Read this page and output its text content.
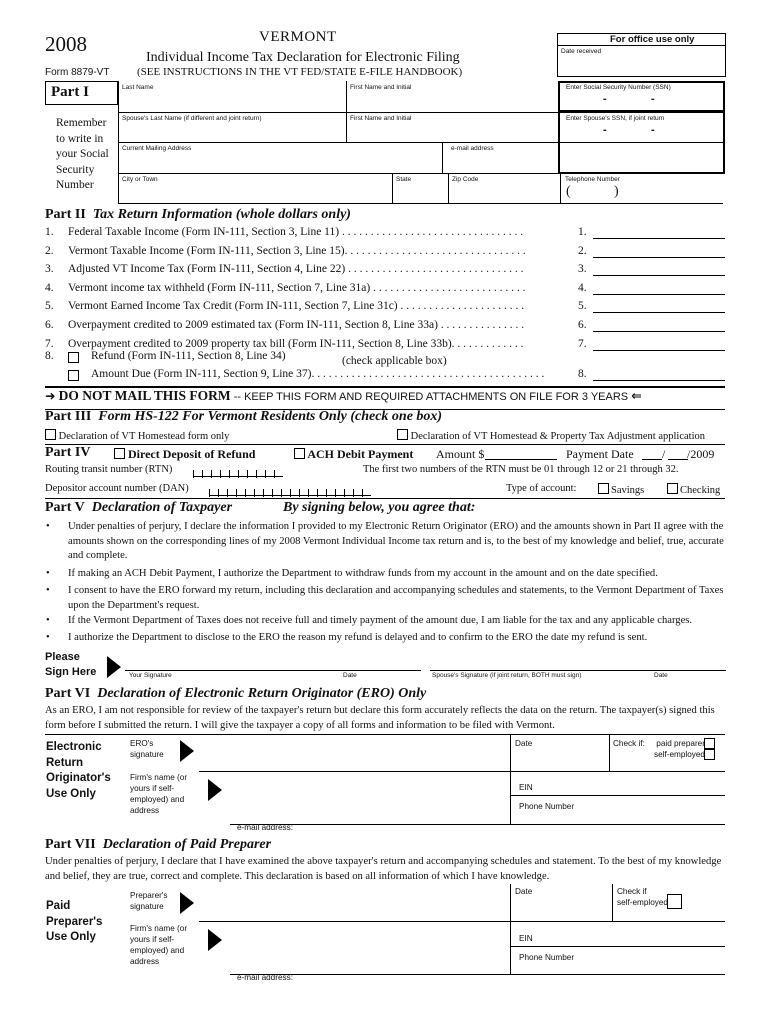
2008	VERMONT
Individual Income Tax Declaration for Electronic Filing
Form 8879-VT	(SEE INSTRUCTIONS IN THE VT FED/STATE E-FILE HANDBOOK)
For office use only
Date received
Part I
Remember
to write in
your Social
Security
Number
Last Name	First Name and Initial	Enter Social Security Number (SSN)
-	-
Spouse's Last Name (if different and joint return)	First Name and Initial	Enter Spouse's SSN, if joint return
-	-
Current Mailing Address	e-mail address
City or Town	State	Zip Code	Telephone Number
(	)
Part II Tax Return Information (whole dollars only)
1. Federal Taxable Income (Form IN-111, Section 3, Line 11) . . . . . . . . . . . . . . . . . . . . . . . . . . . . . . . .	1.
2. Vermont Taxable Income (Form IN-111, Section 3, Line 15). . . . . . . . . . . . . . . . . . . . . . . . . . . . . . . .	2.
3. Adjusted VT Income Tax (Form IN-111, Section 4, Line 22) . . . . . . . . . . . . . . . . . . . . . . . . . . . . . . .	3.
4. Vermont income tax withheld (Form IN-111, Section 7, Line 31a) . . . . . . . . . . . . . . . . . . . . . . . . . . .	4.
5. Vermont Earned Income Tax Credit (Form IN-111, Section 7, Line 31c) . . . . . . . . . . . . . . . . . . . . . .	5.
6. Overpayment credited to 2009 estimated tax (Form IN-111, Section 8, Line 33a) . . . . . . . . . . . . . . .	6.
7. Overpayment credited to 2009 property tax bill (Form IN-111, Section 8, Line 33b). . . . . . . . . . . . .	7.
8.	Refund (Form IN-111, Section 8, Line 34)	(check applicable box)
Amount Due (Form IN-111, Section 9, Line 37). . . . . . . . . . . . . . . . . . . . . . . . . . . . . . . . . . . . . . . . .	8.
➜ DO NOT MAIL THIS FORM -- KEEP THIS FORM AND REQUIRED ATTACHMENTS ON FILE FOR 3 YEARS ⇐
Part III Form HS-122 For Vermont Residents Only (check one box)
Declaration of VT Homestead form only	Declaration of VT Homestead & Property Tax Adjustment application
Part IV	Direct Deposit of Refund	ACH Debit Payment Amount $	Payment Date / /2009
Routing transit number (RTN)	The first two numbers of the RTN must be 01 through 12 or 21 through 32.
Depositor account number (DAN)	Type of account:	Savings	Checking
Part V Declaration of Taxpayer	By signing below, you agree that:
• Under penalties of perjury, I declare the information I provided to my Electronic Return Originator (ERO) and the amounts shown in Part II agree with the amounts shown on the corresponding lines of my 2008 Vermont Individual Income tax return and is, to the best of my knowledge and belief, true, accurate and complete.
• If making an ACH Debit Payment, I authorize the Department to withdraw funds from my account in the amount and on the date specified.
• I consent to have the ERO forward my return, including this declaration and accompanying schedules and statements, to the Vermont Department of Taxes upon the Department's request.
• If the Vermont Department of Taxes does not receive full and timely payment of the amount due, I am liable for the tax and any applicable charges.
• I authorize the Department to disclose to the ERO the reason my refund is delayed and to confirm to the ERO the date my refund is sent.
Please
Sign Here	Your Signature	Date	Spouse's Signature (if joint return, BOTH must sign)	Date
Part VI Declaration of Electronic Return Originator (ERO) Only
As an ERO, I am not responsible for review of the taxpayer's return but declare this form accurately reflects the data on the return. The taxpayer(s) signed this form before I submitted the return. I will give the taxpayer a copy of all forms and information to be filed with Vermont.
Electronic
Return
Originator's
Use Only
ERO's
signature
Date	Check if: paid preparer
self-employed
Firm's name (or
yours if self-
employed) and
address
EIN
Phone Number
e-mail address:
Part VII Declaration of Paid Preparer
Under penalties of perjury, I declare that I have examined the above taxpayer's return and accompanying schedules and statement. To the best of my knowledge and belief, they are true, correct and complete. This declaration is based on all information of which I have knowledge.
Paid
Preparer's
Use Only
Preparer's
signature
Date	Check if
self-employed
Firm's name (or
yours if self-
employed) and
address
EIN
Phone Number
e-mail address:
